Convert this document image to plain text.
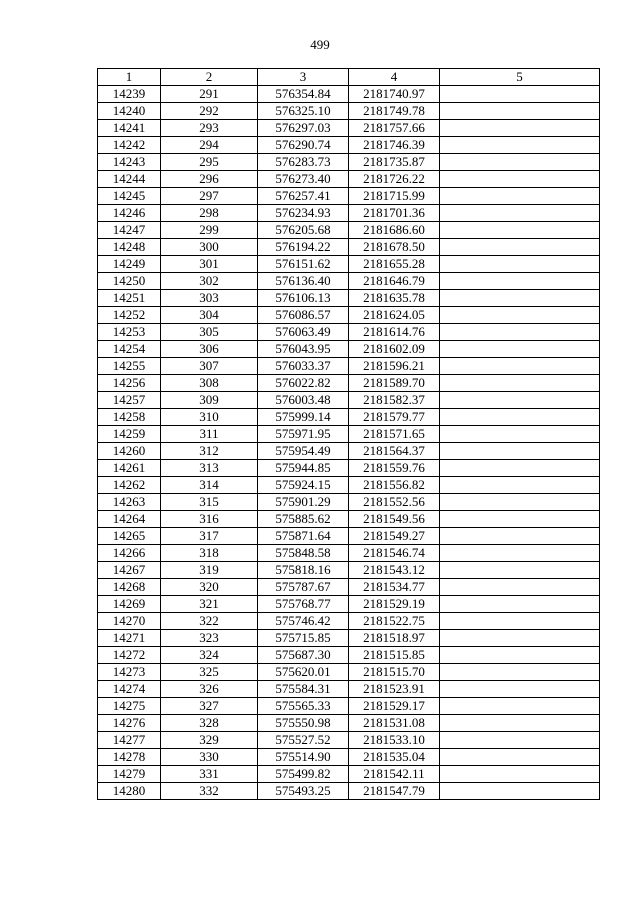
499
1	2	3	4	5
14239	291	576354.84	2181740.97	
14240	292	576325.10	2181749.78	
14241	293	576297.03	2181757.66	
14242	294	576290.74	2181746.39	
14243	295	576283.73	2181735.87	
14244	296	576273.40	2181726.22	
14245	297	576257.41	2181715.99	
14246	298	576234.93	2181701.36	
14247	299	576205.68	2181686.60	
14248	300	576194.22	2181678.50	
14249	301	576151.62	2181655.28	
14250	302	576136.40	2181646.79	
14251	303	576106.13	2181635.78	
14252	304	576086.57	2181624.05	
14253	305	576063.49	2181614.76	
14254	306	576043.95	2181602.09	
14255	307	576033.37	2181596.21	
14256	308	576022.82	2181589.70	
14257	309	576003.48	2181582.37	
14258	310	575999.14	2181579.77	
14259	311	575971.95	2181571.65	
14260	312	575954.49	2181564.37	
14261	313	575944.85	2181559.76	
14262	314	575924.15	2181556.82	
14263	315	575901.29	2181552.56	
14264	316	575885.62	2181549.56	
14265	317	575871.64	2181549.27	
14266	318	575848.58	2181546.74	
14267	319	575818.16	2181543.12	
14268	320	575787.67	2181534.77	
14269	321	575768.77	2181529.19	
14270	322	575746.42	2181522.75	
14271	323	575715.85	2181518.97	
14272	324	575687.30	2181515.85	
14273	325	575620.01	2181515.70	
14274	326	575584.31	2181523.91	
14275	327	575565.33	2181529.17	
14276	328	575550.98	2181531.08	
14277	329	575527.52	2181533.10	
14278	330	575514.90	2181535.04	
14279	331	575499.82	2181542.11	
14280	332	575493.25	2181547.79	
